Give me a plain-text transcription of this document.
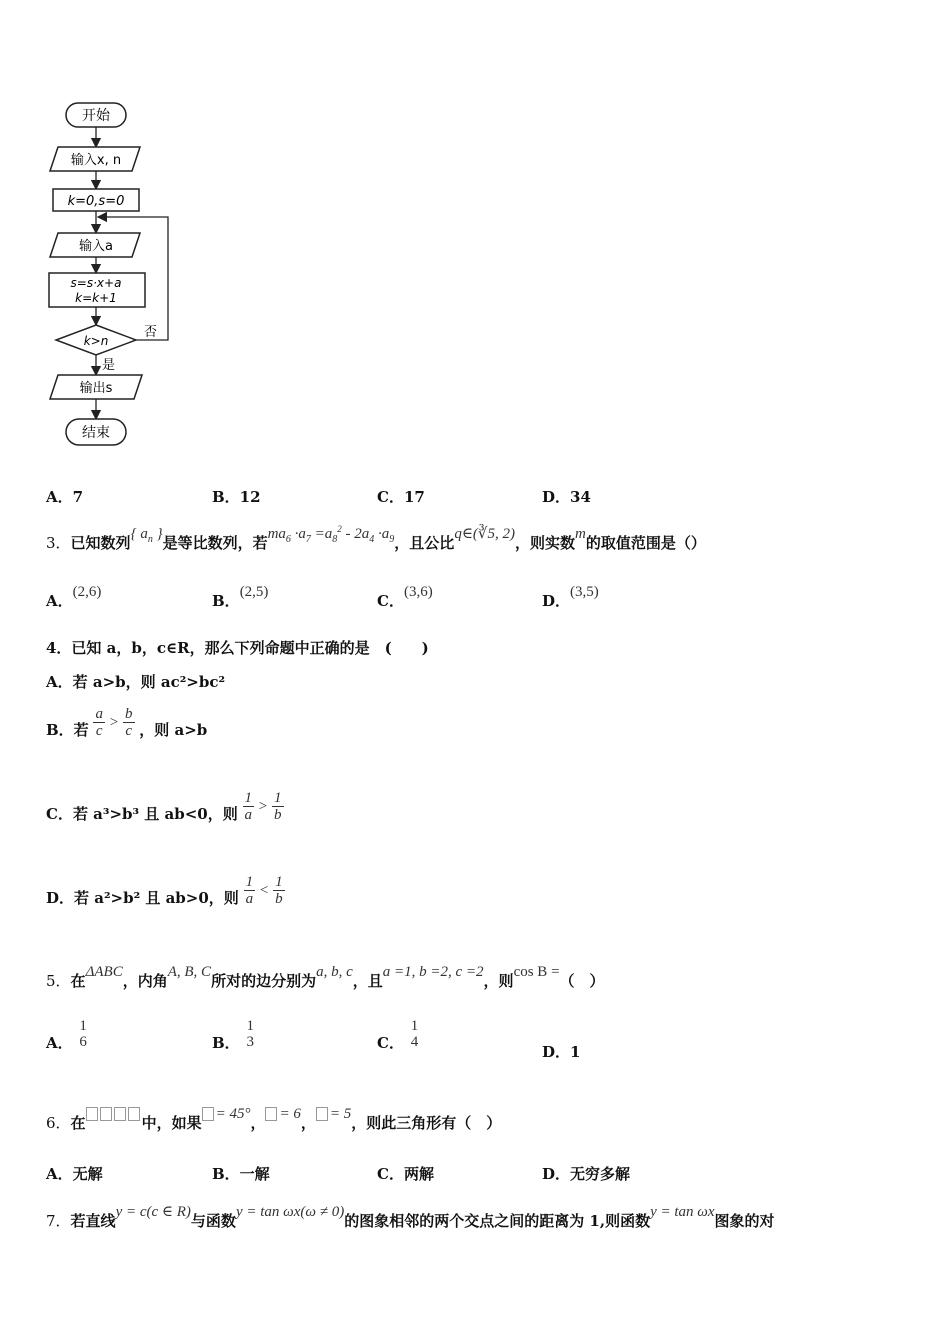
开始
输入x, n
k=0,s=0
输入a
s=s·x+a
k=k+1
k>n
否
是
输出s
结束
A．7	B．12	C．17	D．34
3．已知数列{ $a_n$ }是等比数列，若$ma_6 \cdot a_7 =a_8^2 - 2a_4 \cdot a_9$，且公比q∈(∛5, 2)，则实数m的取值范围是（）
A．(2,6)	B．(2,5)	C．(3,6)	D．(3,5)
4．已知 a，b，c∈R，那么下列命题中正确的是　(　　)
A．若 a>b，则 ac²>bc²
B．若 $\frac{a}{c} > \frac{b}{c}$ ，则 a>b
C．若 a³>b³ 且 ab<0，则 $\frac{1}{a} > \frac{1}{b}$
D．若 a²>b² 且 ab>0，则 $\frac{1}{a} < \frac{1}{b}$
5．在ΔABC，内角A, B, C所对的边分别为a, b, c，且a =1, b =2, c =2，则cos B =（　）
A．
1
6	B．
1
3	C．
1
4
D．1
6．在	中，如果 = 45°， = 6， = 5，则此三角形有（　）
A．无解	B．一解	C．两解	D．无穷多解
7．若直线y = c(c ∈ R)与函数y = tan ωx(ω ≠ 0)的图象相邻的两个交点之间的距离为 1,则函数y = tan ωx图象的对
